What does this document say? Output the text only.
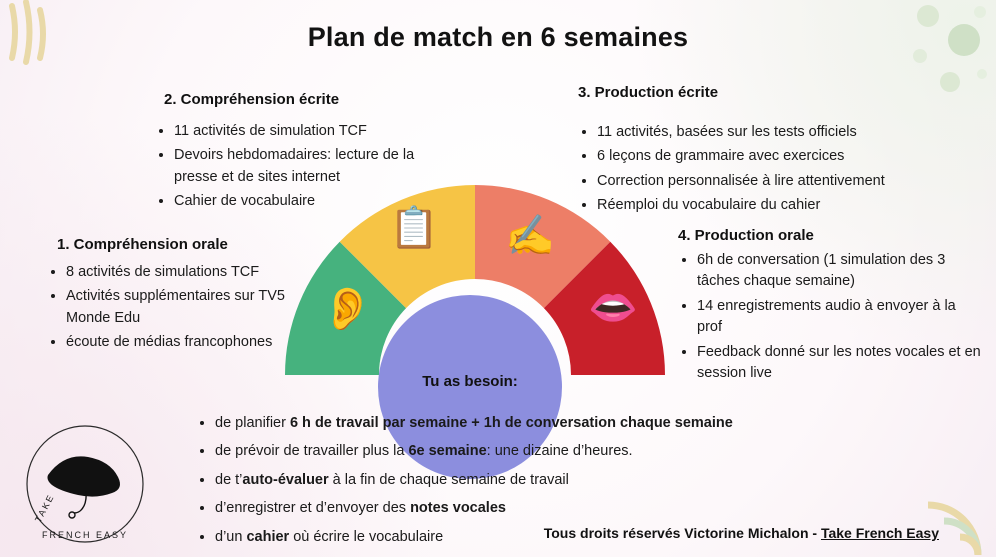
Plan de match en 6 semaines
1. Compréhension orale
• 8 activités de simulations TCF
• Activités supplémentaires sur TV5 Monde Edu
• écoute de médias francophones
2. Compréhension écrite
• 11 activités de simulation TCF
• Devoirs hebdomadaires: lecture de la presse et de sites internet
• Cahier de vocabulaire
3. Production écrite
• 11 activités, basées sur les tests officiels
• 6 leçons de grammaire avec exercices
• Correction personnalisée à lire attentivement
• Réemploi du vocabulaire du cahier
4. Production orale
• 6h de conversation (1 simulation des 3 tâches chaque semaine)
• 14 enregistrements audio à envoyer à la prof
• Feedback donné sur les notes vocales et en session live
👂
📋 ✍
👄
Tu as besoin:
• de planifier 6 h de travail par semaine + 1h de conversation chaque semaine
• de prévoir de travailler plus la 6e semaine: une dizaine d’heures.
• de t’auto-évaluer à la fin de chaque semaine de travail
• d’enregistrer et d’envoyer des notes vocales
• d’un cahier où écrire le vocabulaire	Tous droits réservés Victorine Michalon - Take French Easy
FRENCH EASY
TAKE
